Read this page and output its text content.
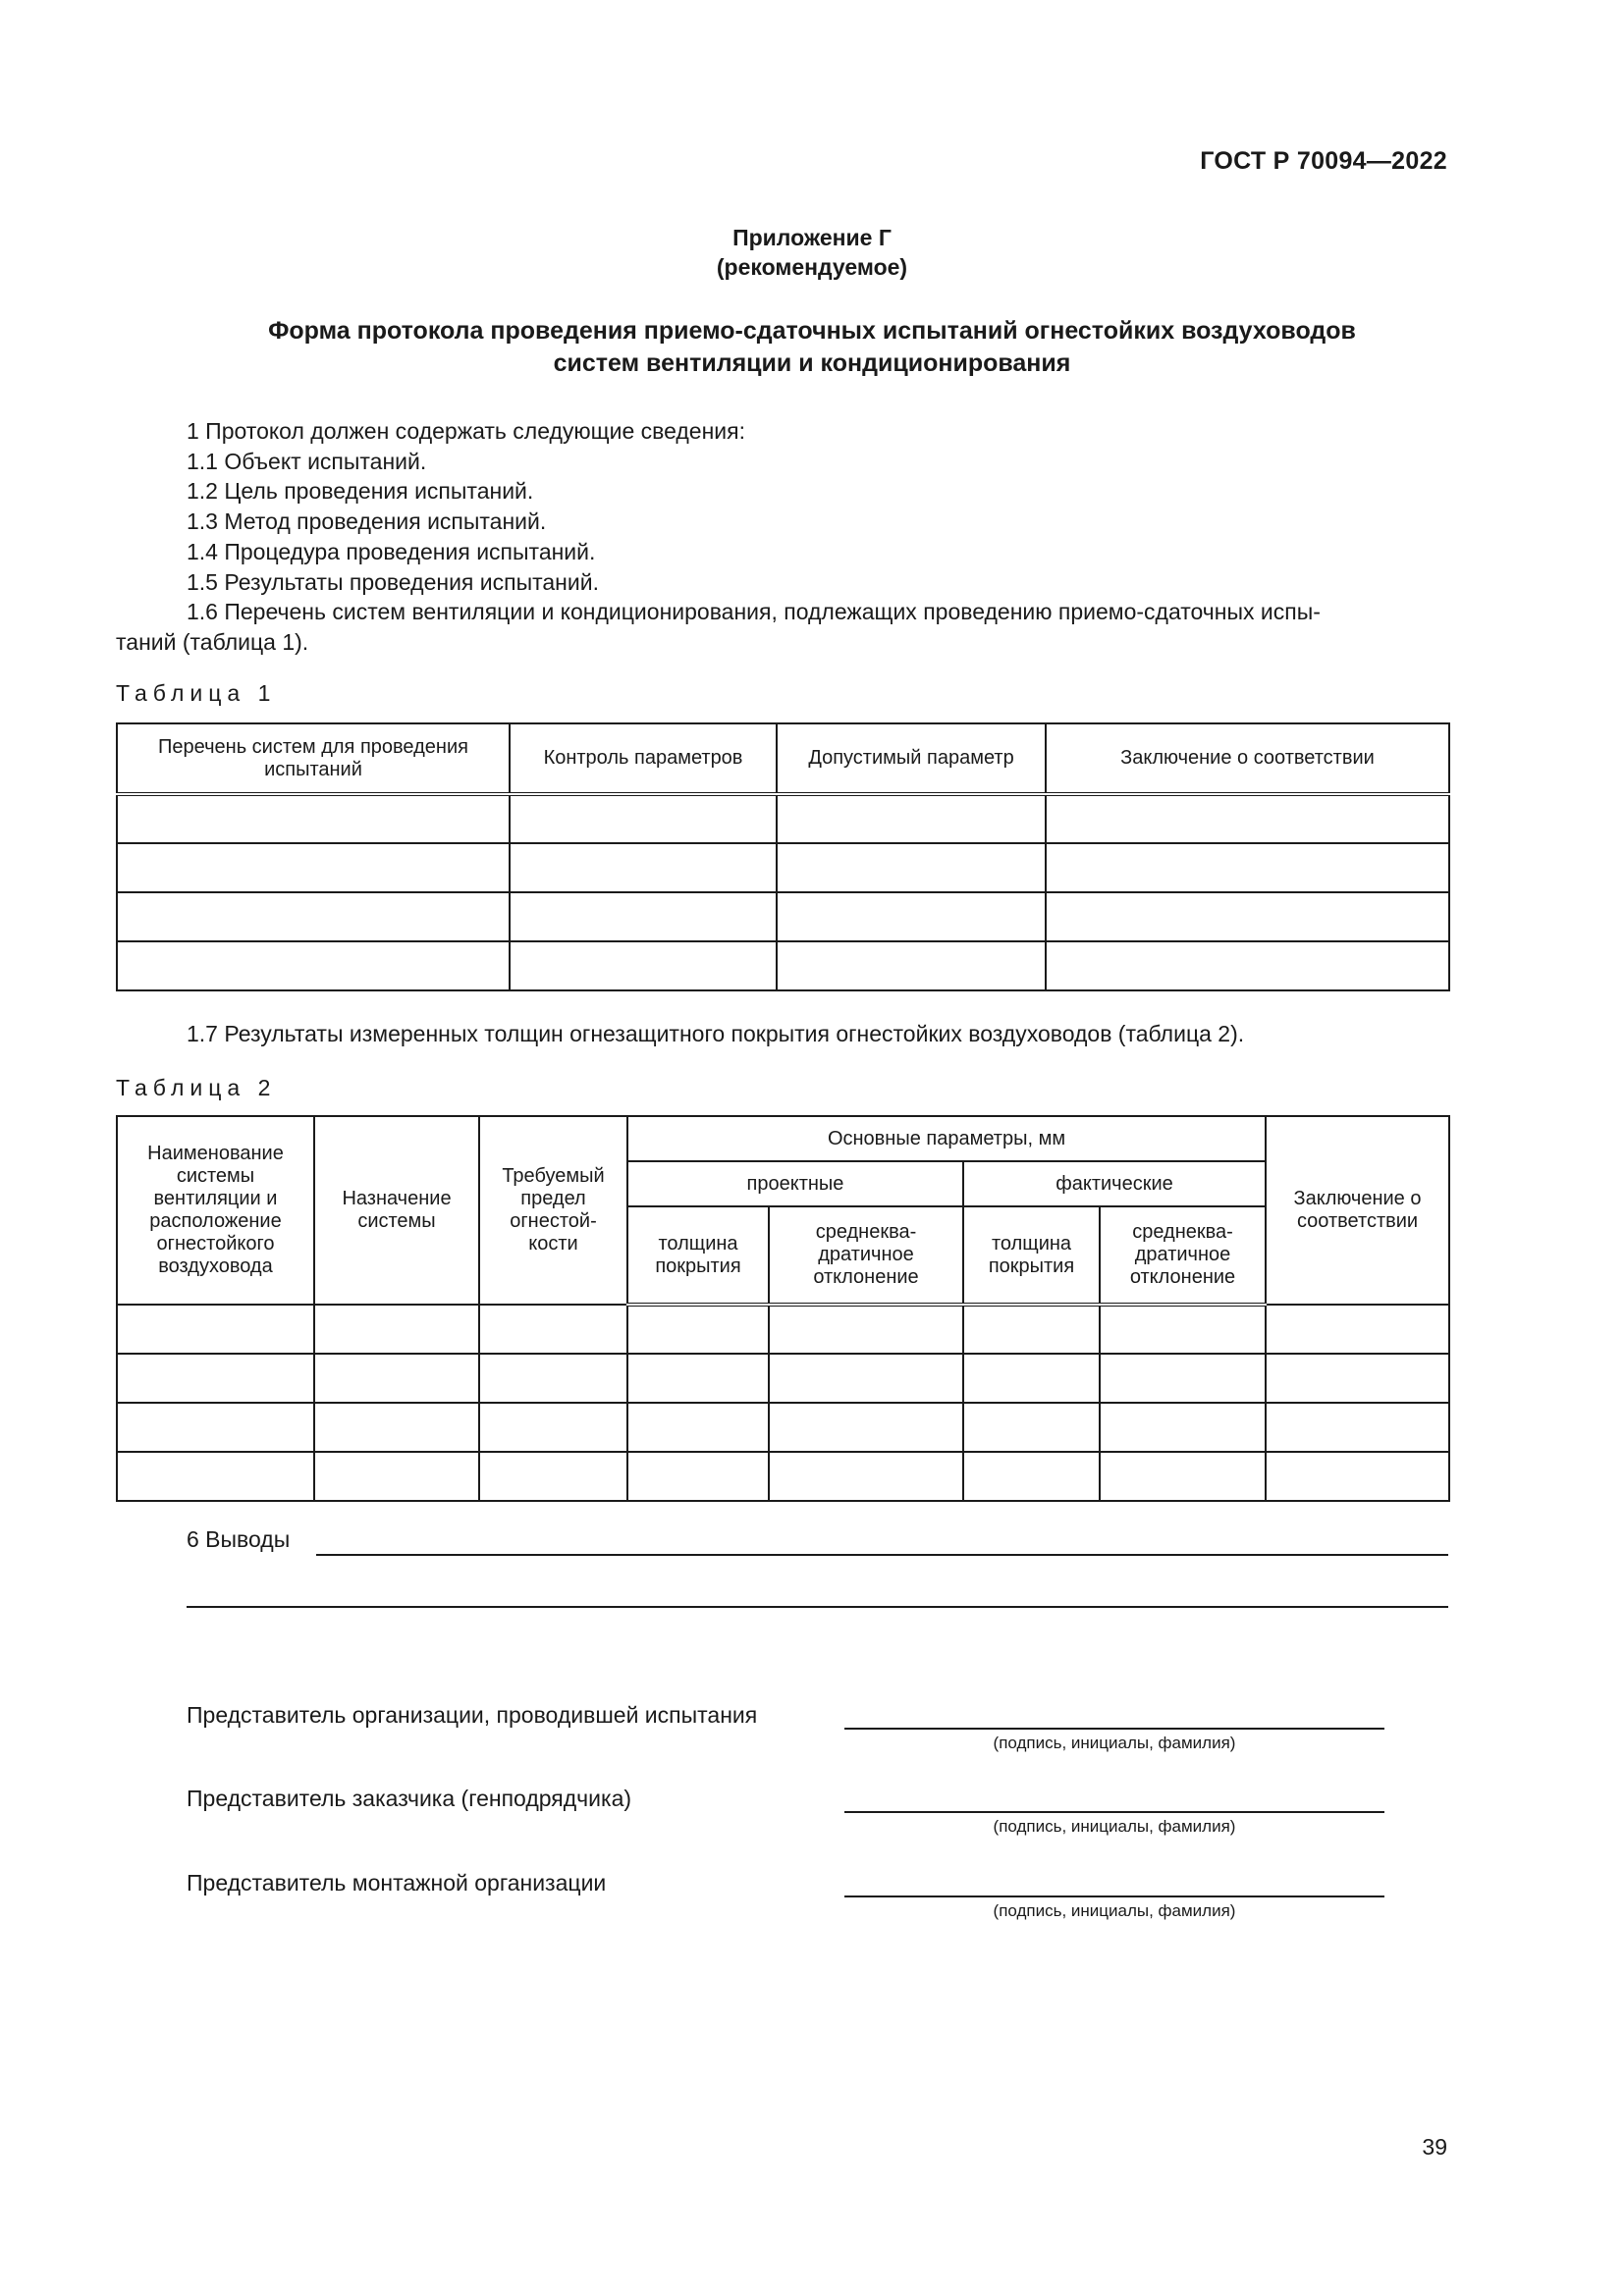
ГОСТ Р 70094—2022
Приложение Г
(рекомендуемое)
Форма протокола проведения приемо-сдаточных испытаний огнестойких воздуховодов
систем вентиляции и кондиционирования

1 Протокол должен содержать следующие сведения:

1.1 Объект испытаний.

1.2 Цель проведения испытаний.

1.3 Метод проведения испытаний.

1.4 Процедура проведения испытаний.

1.5 Результаты проведения испытаний.

1.6 Перечень систем вентиляции и кондиционирования, подлежащих проведению приемо-сдаточных испы-

таний (таблица 1).

Таблица 1
Перечень систем для проведения испытаний	Контроль параметров	Допустимый параметр	Заключение о соответствии

1.7 Результаты измеренных толщин огнезащитного покрытия огнестойких воздуховодов (таблица 2).
Таблица 2
Наименование системы вентиляции и расположение огнестойкого воздуховода	Назначение системы	Требуемый предел огнестой- кости	Основные параметры, мм				Заключение о соответствии
			проектные		фактические		
			толщина покрытия	среднеква- дратичное отклонение	толщина покрытия	среднеква- дратичное отклонение	

6 Выводы
Представитель организации, проводившей испытания
(подпись, инициалы, фамилия)
Представитель заказчика (генподрядчика)
(подпись, инициалы, фамилия)
Представитель монтажной организации
(подпись, инициалы, фамилия)
39
